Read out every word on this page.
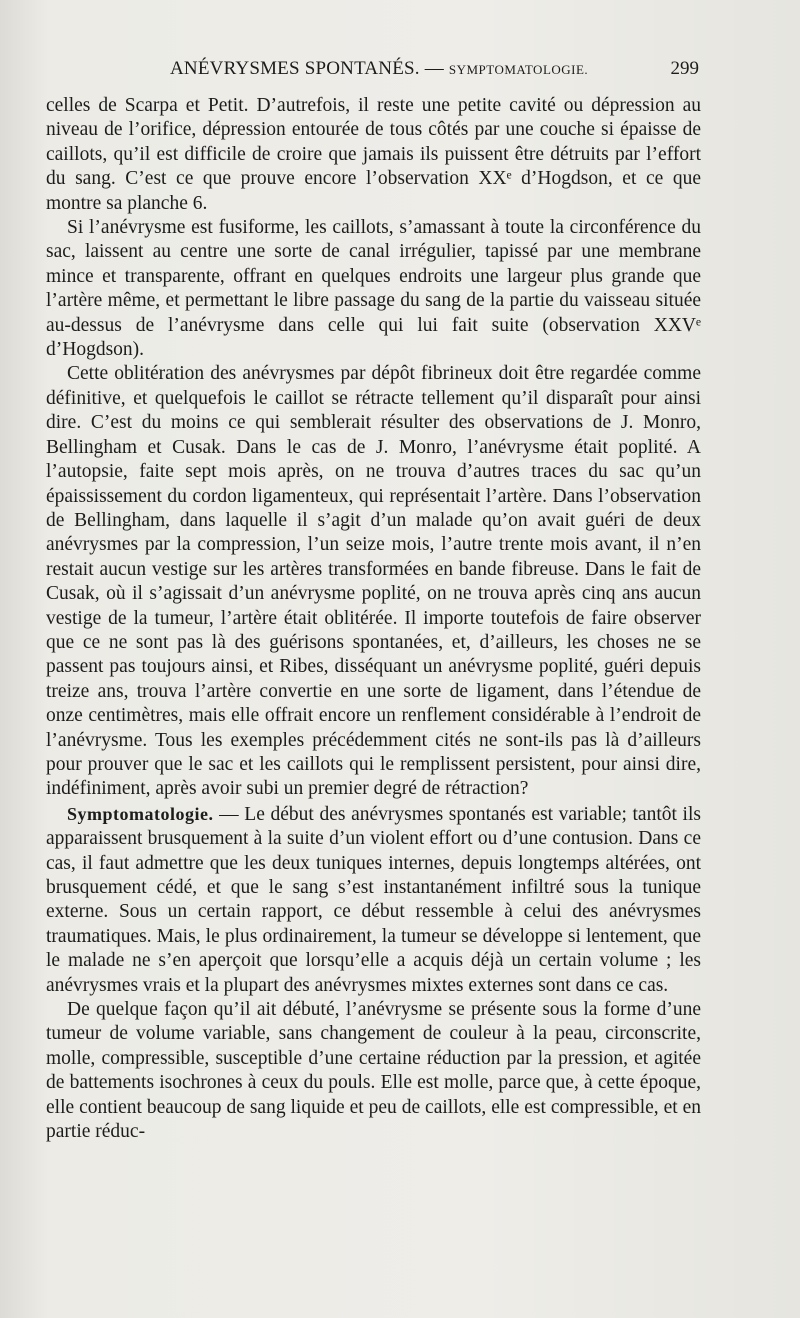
ANÉVRYSMES SPONTANÉS. — SYMPTOMATOLOGIE.	299

celles de Scarpa et Petit. D’autrefois, il reste une petite cavité ou dépression au niveau de l’orifice, dépression entourée de tous côtés par une couche si épaisse de caillots, qu’il est difficile de croire que jamais ils puissent être détruits par l’effort du sang. C’est ce que prouve encore l’observation XXᵉ d’Hogdson, et ce que montre sa planche 6.

Si l’anévrysme est fusiforme, les caillots, s’amassant à toute la circonférence du sac, laissent au centre une sorte de canal irrégulier, tapissé par une membrane mince et transparente, offrant en quelques endroits une largeur plus grande que l’artère même, et permettant le libre passage du sang de la partie du vaisseau située au-dessus de l’anévrysme dans celle qui lui fait suite (observation XXVᵉ d’Hogdson).

Cette oblitération des anévrysmes par dépôt fibrineux doit être regardée comme définitive, et quelquefois le caillot se rétracte tellement qu’il disparaît pour ainsi dire. C’est du moins ce qui semblerait résulter des observations de J. Monro, Bellingham et Cusak. Dans le cas de J. Monro, l’anévrysme était poplité. A l’autopsie, faite sept mois après, on ne trouva d’autres traces du sac qu’un épaississement du cordon ligamenteux, qui représentait l’artère. Dans l’observation de Bellingham, dans laquelle il s’agit d’un malade qu’on avait guéri de deux anévrysmes par la compression, l’un seize mois, l’autre trente mois avant, il n’en restait aucun vestige sur les artères transformées en bande fibreuse. Dans le fait de Cusak, où il s’agissait d’un anévrysme poplité, on ne trouva après cinq ans aucun vestige de la tumeur, l’artère était oblitérée. Il importe toutefois de faire observer que ce ne sont pas là des guérisons spontanées, et, d’ailleurs, les choses ne se passent pas toujours ainsi, et Ribes, disséquant un anévrysme poplité, guéri depuis treize ans, trouva l’artère convertie en une sorte de ligament, dans l’étendue de onze centimètres, mais elle offrait encore un renflement considérable à l’endroit de l’anévrysme. Tous les exemples précédemment cités ne sont-ils pas là d’ailleurs pour prouver que le sac et les caillots qui le remplissent persistent, pour ainsi dire, indéfiniment, après avoir subi un premier degré de rétraction?

Symptomatologie. — Le début des anévrysmes spontanés est variable; tantôt ils apparaissent brusquement à la suite d’un violent effort ou d’une contusion. Dans ce cas, il faut admettre que les deux tuniques internes, depuis longtemps altérées, ont brusquement cédé, et que le sang s’est instantanément infiltré sous la tunique externe. Sous un certain rapport, ce début ressemble à celui des anévrysmes traumatiques. Mais, le plus ordinairement, la tumeur se développe si lentement, que le malade ne s’en aperçoit que lorsqu’elle a acquis déjà un certain volume ; les anévrysmes vrais et la plupart des anévrysmes mixtes externes sont dans ce cas.

De quelque façon qu’il ait débuté, l’anévrysme se présente sous la forme d’une tumeur de volume variable, sans changement de couleur à la peau, circonscrite, molle, compressible, susceptible d’une certaine réduction par la pression, et agitée de battements isochrones à ceux du pouls. Elle est molle, parce que, à cette époque, elle contient beaucoup de sang liquide et peu de caillots, elle est compressible, et en partie réduc-
